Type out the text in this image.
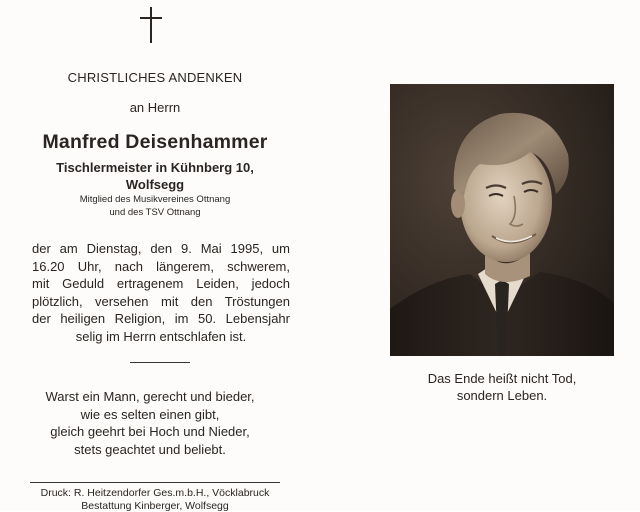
CHRISTLICHES ANDENKEN
an Herrn
Manfred Deisenhammer
Tischlermeister in Kühnberg 10,
Wolfsegg
Mitglied des Musikvereines Ottnang
und des TSV Ottnang
der am Dienstag, den 9. Mai 1995, um
16.20 Uhr, nach längerem, schwerem,
mit Geduld ertragenem Leiden, jedoch
plötzlich, versehen mit den Tröstungen
der heiligen Religion, im 50. Lebensjahr
selig im Herrn entschlafen ist.
Warst ein Mann, gerecht und bieder,
wie es selten einen gibt,
gleich geehrt bei Hoch und Nieder,
stets geachtet und beliebt.
Druck: R. Heitzendorfer Ges.m.b.H., Vöcklabruck
Bestattung Kinberger, Wolfsegg
Das Ende heißt nicht Tod,
sondern Leben.
